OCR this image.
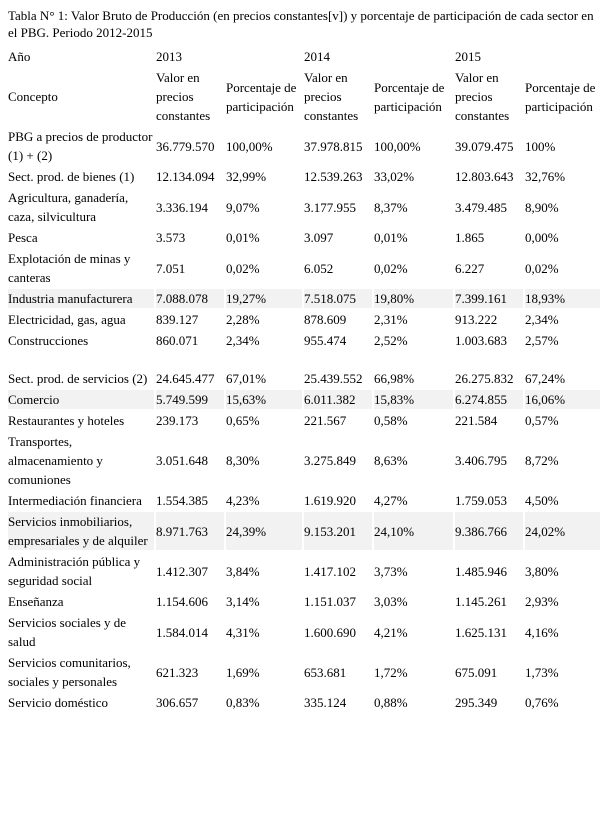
Tabla N° 1: Valor Bruto de Producción (en precios constantes[v]) y porcentaje de participación de cada sector en el PBG. Periodo 2012-2015
Año	2013		2014		2015	
Concepto	Valor en precios constantes	Porcentaje de participación	Valor en precios constantes	Porcentaje de participación	Valor en precios constantes	Porcentaje de participación
PBG a precios de productor (1) + (2)	36.779.570	100,00%	37.978.815	100,00%	39.079.475	100%
Sect. prod. de bienes (1)	12.134.094	32,99%	12.539.263	33,02%	12.803.643	32,76%
Agricultura, ganadería, caza, silvicultura	3.336.194	9,07%	3.177.955	8,37%	3.479.485	8,90%
Pesca	3.573	0,01%	3.097	0,01%	1.865	0,00%
Explotación de minas y canteras	7.051	0,02%	6.052	0,02%	6.227	0,02%
Industria manufacturera	7.088.078	19,27%	7.518.075	19,80%	7.399.161	18,93%
Electricidad, gas, agua	839.127	2,28%	878.609	2,31%	913.222	2,34%
Construcciones	860.071	2,34%	955.474	2,52%	1.003.683	2,57%

Sect. prod. de servicios (2)	24.645.477	67,01%	25.439.552	66,98%	26.275.832	67,24%
Comercio	5.749.599	15,63%	6.011.382	15,83%	6.274.855	16,06%
Restaurantes y hoteles	239.173	0,65%	221.567	0,58%	221.584	0,57%
Transportes, almacenamiento y comuniones	3.051.648	8,30%	3.275.849	8,63%	3.406.795	8,72%
Intermediación financiera	1.554.385	4,23%	1.619.920	4,27%	1.759.053	4,50%
Servicios inmobiliarios, empresariales y de alquiler	8.971.763	24,39%	9.153.201	24,10%	9.386.766	24,02%
Administración pública y seguridad social	1.412.307	3,84%	1.417.102	3,73%	1.485.946	3,80%
Enseñanza	1.154.606	3,14%	1.151.037	3,03%	1.145.261	2,93%
Servicios sociales y de salud	1.584.014	4,31%	1.600.690	4,21%	1.625.131	4,16%
Servicios comunitarios, sociales y personales	621.323	1,69%	653.681	1,72%	675.091	1,73%
Servicio doméstico	306.657	0,83%	335.124	0,88%	295.349	0,76%
